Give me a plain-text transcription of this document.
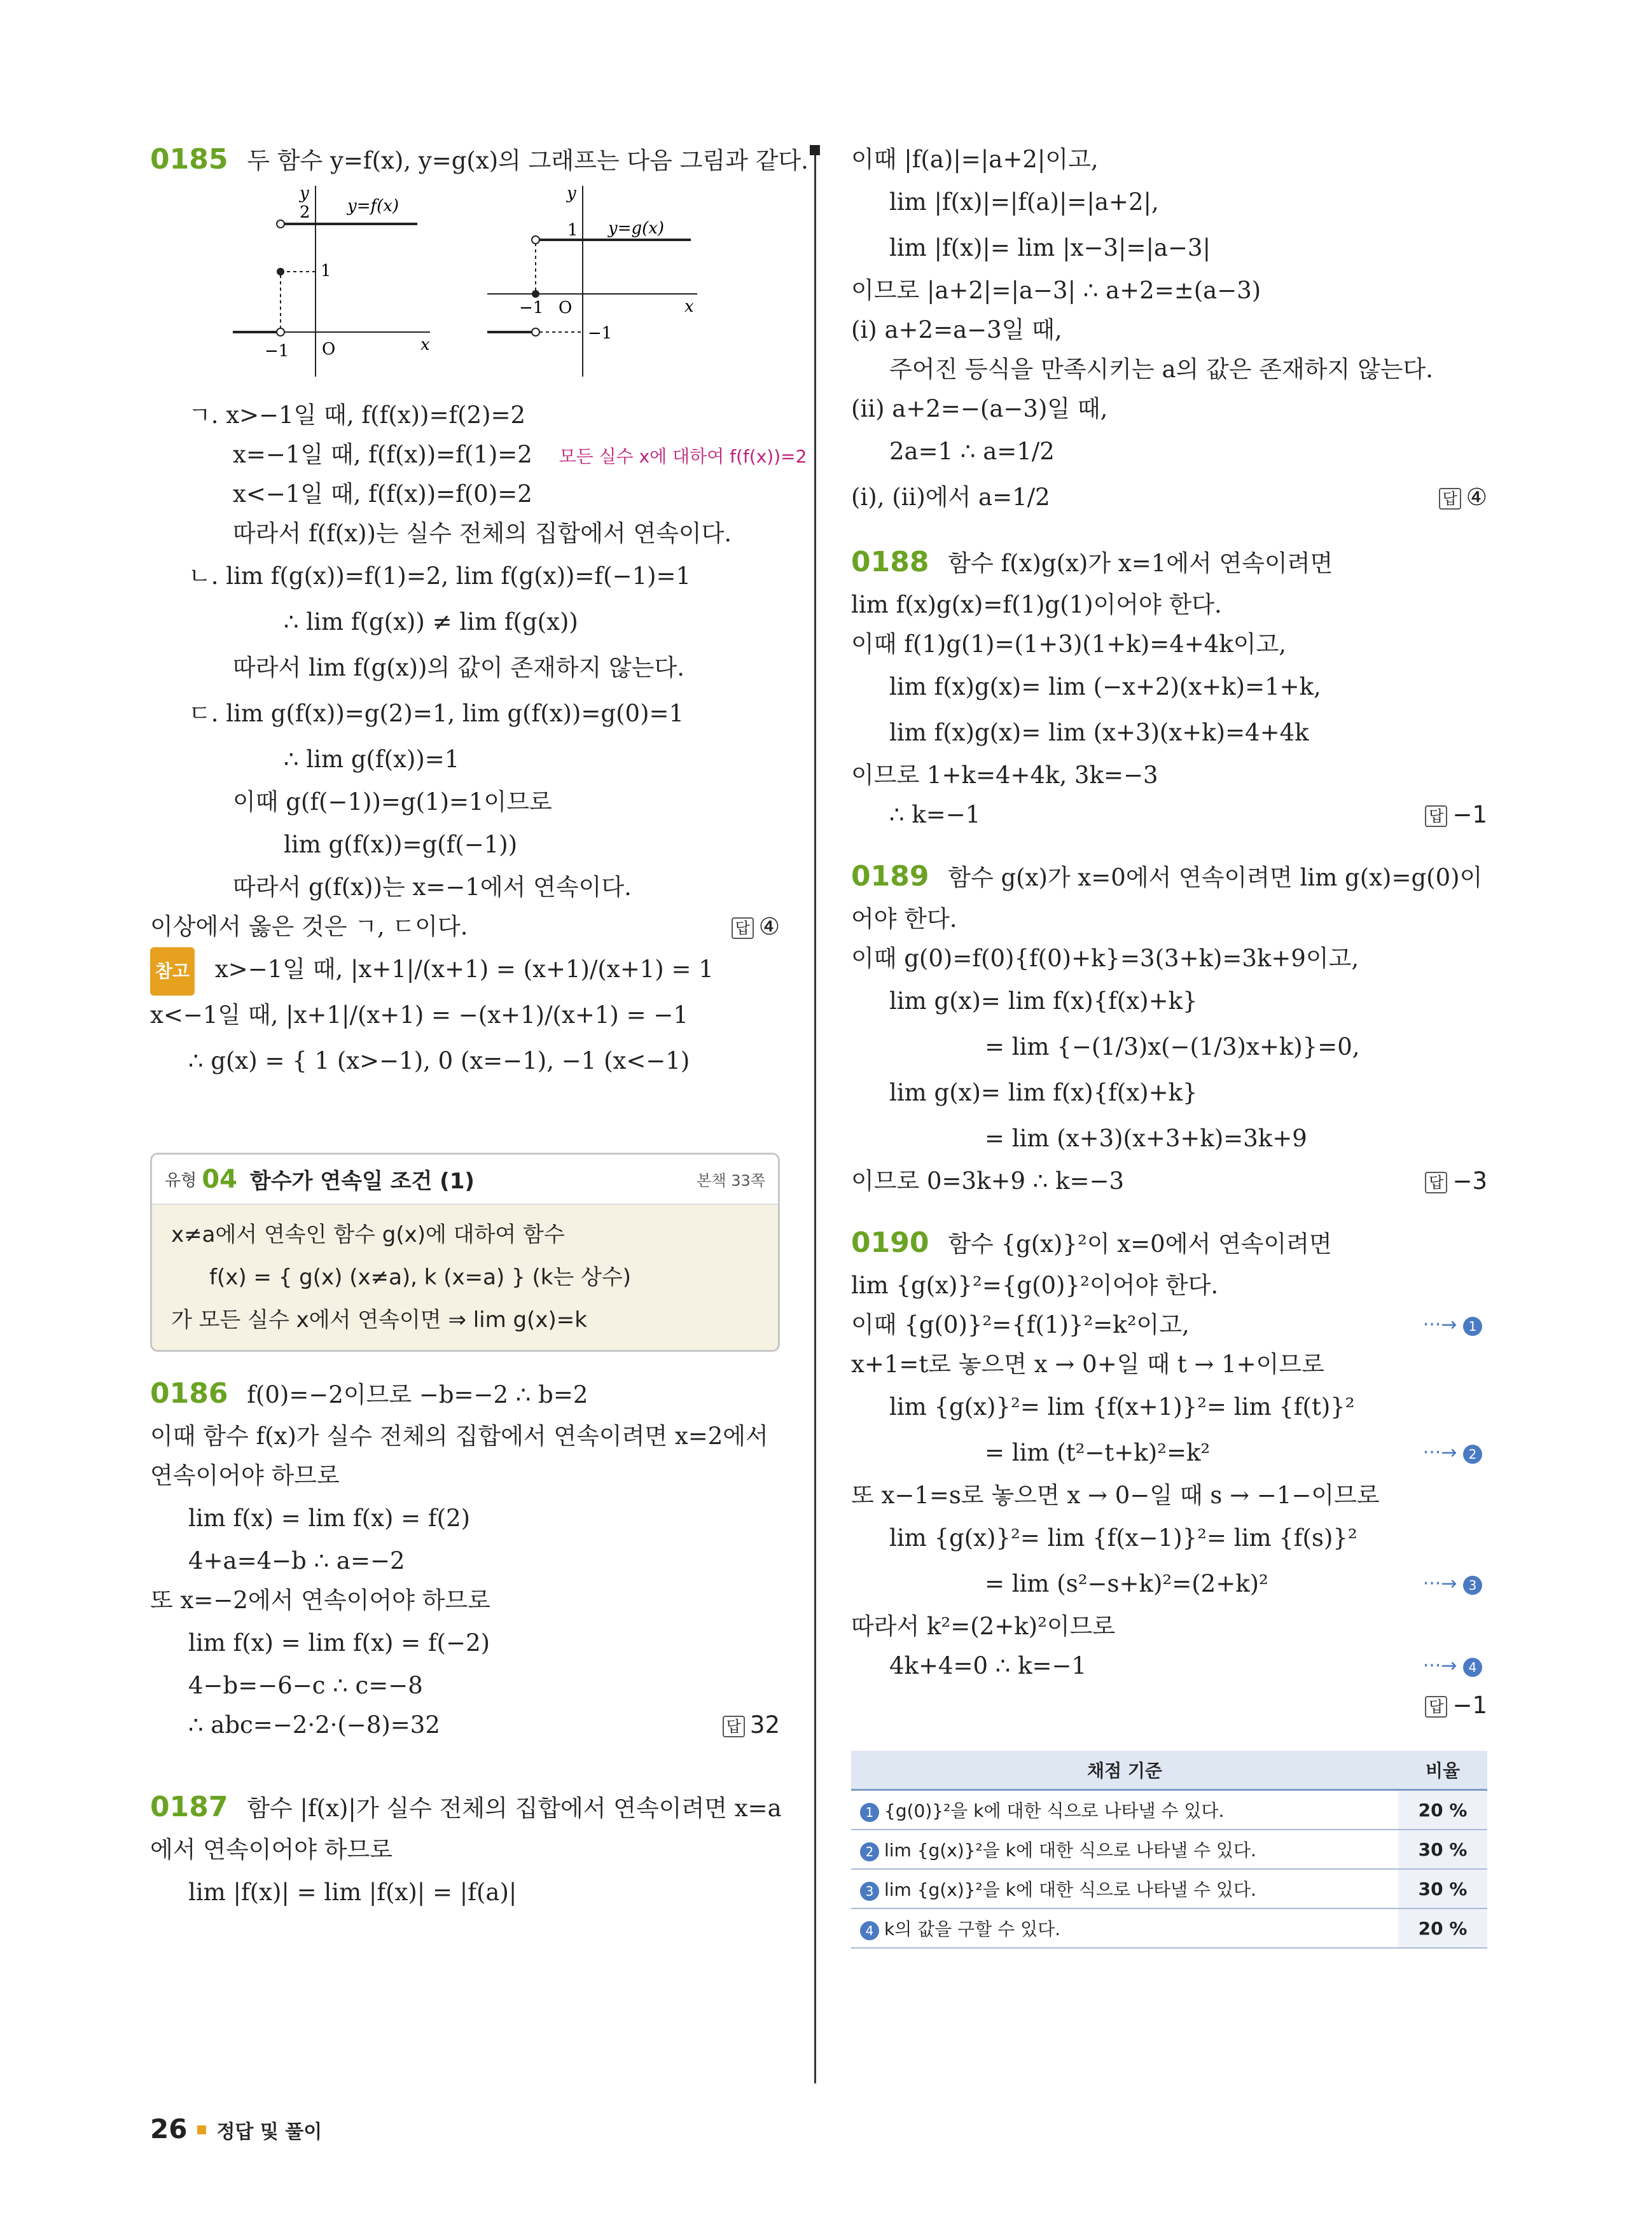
0185 두 함수 y=f(x), y=g(x)의 그래프는 다음 그림과 같다.
y
x
O
−1
2
1
y=f(x)
y
x
O
−1
1
−1
y=g(x)
ㄱ. x>−1일 때, f(f(x))=f(2)=2
x=−1일 때, f(f(x))=f(1)=2 모든 실수 x에 대하여 f(f(x))=2
x<−1일 때, f(f(x))=f(0)=2
따라서 f(f(x))는 실수 전체의 집합에서 연속이다.
ㄴ. lim f(g(x))=f(1)=2, lim f(g(x))=f(−1)=1
∴ lim f(g(x)) ≠ lim f(g(x))
따라서 lim f(g(x))의 값이 존재하지 않는다.
ㄷ. lim g(f(x))=g(2)=1, lim g(f(x))=g(0)=1
∴ lim g(f(x))=1
이때 g(f(−1))=g(1)=1이므로
lim g(f(x))=g(f(−1))
따라서 g(f(x))는 x=−1에서 연속이다.
이상에서 옳은 것은 ㄱ, ㄷ이다.	답 ④
참고 x>−1일 때, |x+1|/(x+1) = (x+1)/(x+1) = 1
x<−1일 때, |x+1|/(x+1) = −(x+1)/(x+1) = −1
∴ g(x) = { 1 (x>−1), 0 (x=−1), −1 (x<−1)
유형 04 함수가 연속일 조건 (1)	본책 33쪽
x≠a에서 연속인 함수 g(x)에 대하여 함수
f(x) = { g(x) (x≠a), k (x=a) } (k는 상수)
가 모든 실수 x에서 연속이면 ⇒ lim g(x)=k
0186 f(0)=−2이므로 −b=−2 ∴ b=2
이때 함수 f(x)가 실수 전체의 집합에서 연속이려면 x=2에서
연속이어야 하므로
lim f(x) = lim f(x) = f(2)
4+a=4−b ∴ a=−2
또 x=−2에서 연속이어야 하므로
lim f(x) = lim f(x) = f(−2)
4−b=−6−c ∴ c=−8
∴ abc=−2·2·(−8)=32	답 32
0187 함수 |f(x)|가 실수 전체의 집합에서 연속이려면 x=a
에서 연속이어야 하므로
lim |f(x)| = lim |f(x)| = |f(a)|
이때 |f(a)|=|a+2|이고,
lim |f(x)|=|f(a)|=|a+2|,
lim |f(x)|= lim |x−3|=|a−3|
이므로 |a+2|=|a−3| ∴ a+2=±(a−3)
(i) a+2=a−3일 때,
주어진 등식을 만족시키는 a의 값은 존재하지 않는다.
(ii) a+2=−(a−3)일 때,
2a=1 ∴ a=1/2
(i), (ii)에서 a=1/2	답 ④
0188 함수 f(x)g(x)가 x=1에서 연속이려면
lim f(x)g(x)=f(1)g(1)이어야 한다.
이때 f(1)g(1)=(1+3)(1+k)=4+4k이고,
lim f(x)g(x)= lim (−x+2)(x+k)=1+k,
lim f(x)g(x)= lim (x+3)(x+k)=4+4k
이므로 1+k=4+4k, 3k=−3
∴ k=−1	답 −1
0189 함수 g(x)가 x=0에서 연속이려면 lim g(x)=g(0)이
어야 한다.
이때 g(0)=f(0){f(0)+k}=3(3+k)=3k+9이고,
lim g(x)= lim f(x){f(x)+k}
= lim {−(1/3)x(−(1/3)x+k)}=0,
lim g(x)= lim f(x){f(x)+k}
= lim (x+3)(x+3+k)=3k+9
이므로 0=3k+9 ∴ k=−3	답 −3
0190 함수 {g(x)}²이 x=0에서 연속이려면
lim {g(x)}²={g(0)}²이어야 한다.
이때 {g(0)}²={f(1)}²=k²이고,	···→ 1
x+1=t로 놓으면 x → 0+일 때 t → 1+이므로
lim {g(x)}²= lim {f(x+1)}²= lim {f(t)}²
= lim (t²−t+k)²=k²	···→ 2
또 x−1=s로 놓으면 x → 0−일 때 s → −1−이므로
lim {g(x)}²= lim {f(x−1)}²= lim {f(s)}²
= lim (s²−s+k)²=(2+k)²	···→ 3
따라서 k²=(2+k)²이므로
4k+4=0 ∴ k=−1	···→ 4
답 −1
채점 기준	비율
1 {g(0)}²을 k에 대한 식으로 나타낼 수 있다.	20 %
2 lim {g(x)}²을 k에 대한 식으로 나타낼 수 있다.	30 %
3 lim {g(x)}²을 k에 대한 식으로 나타낼 수 있다.	30 %
4 k의 값을 구할 수 있다.	20 %
26 정답 및 풀이
